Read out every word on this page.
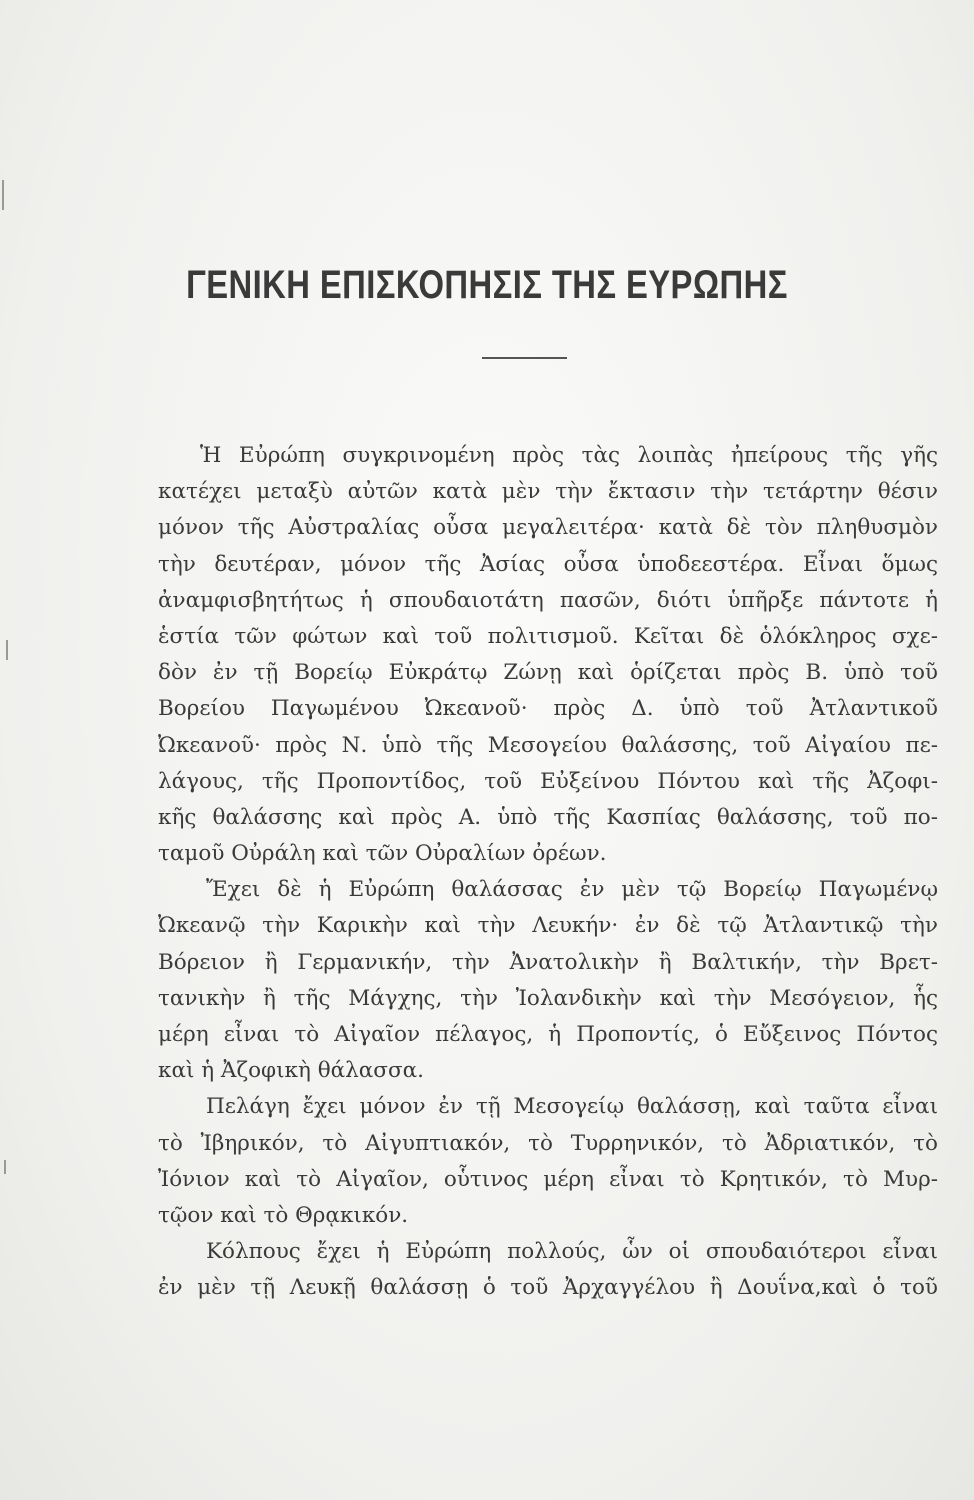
ΓΕΝΙΚΗ ΕΠΙΣΚΟΠΗΣΙΣ ΤΗΣ ΕΥΡΩΠΗΣ
Ἡ Εὐρώπη συγκρινομένη πρὸς τὰς λοιπὰς ἠπείρους τῆς γῆς
κατέχει μεταξὺ αὐτῶν κατὰ μὲν τὴν ἔκτασιν τὴν τετάρτην θέσιν
μόνον τῆς Αὐστραλίας οὖσα μεγαλειτέρα· κατὰ δὲ τὸν πληθυσμὸν
τὴν δευτέραν, μόνον τῆς Ἀσίας οὖσα ὑποδεεστέρα. Εἶναι ὅμως
ἀναμφισβητήτως ἡ σπουδαιοτάτη πασῶν, διότι ὑπῆρξε πάντοτε ἡ
ἑστία τῶν φώτων καὶ τοῦ πολιτισμοῦ. Κεῖται δὲ ὁλόκληρος σχε-
δὸν ἐν τῇ Βορείῳ Εὐκράτῳ Ζώνῃ καὶ ὁρίζεται πρὸς Β. ὑπὸ τοῦ
Βορείου Παγωμένου Ὠκεανοῦ· πρὸς Δ. ὑπὸ τοῦ Ἀτλαντικοῦ
Ὠκεανοῦ· πρὸς Ν. ὑπὸ τῆς Μεσογείου θαλάσσης, τοῦ Αἰγαίου πε-
λάγους, τῆς Προποντίδος, τοῦ Εὐξείνου Πόντου καὶ τῆς Ἀζοφι-
κῆς θαλάσσης καὶ πρὸς Α. ὑπὸ τῆς Κασπίας θαλάσσης, τοῦ πο-
ταμοῦ Οὐράλη καὶ τῶν Οὐραλίων ὀρέων.
Ἔχει δὲ ἡ Εὐρώπη θαλάσσας ἐν μὲν τῷ Βορείῳ Παγωμένῳ
Ὠκεανῷ τὴν Καρικὴν καὶ τὴν Λευκήν· ἐν δὲ τῷ Ἀτλαντικῷ τὴν
Βόρειον ἢ Γερμανικήν, τὴν Ἀνατολικὴν ἢ Βαλτικήν, τὴν Βρετ-
τανικὴν ἢ τῆς Μάγχης, τὴν Ἰολανδικὴν καὶ τὴν Μεσόγειον, ἧς
μέρη εἶναι τὸ Αἰγαῖον πέλαγος, ἡ Προποντίς, ὁ Εὔξεινος Πόντος
καὶ ἡ Ἀζοφικὴ θάλασσα.
Πελάγη ἔχει μόνον ἐν τῇ Μεσογείῳ θαλάσσῃ, καὶ ταῦτα εἶναι
τὸ Ἰβηρικόν, τὸ Αἰγυπτιακόν, τὸ Τυρρηνικόν, τὸ Ἀδριατικόν, τὸ
Ἰόνιον καὶ τὸ Αἰγαῖον, οὗτινος μέρη εἶναι τὸ Κρητικόν, τὸ Μυρ-
τῷον καὶ τὸ Θρᾳκικόν.
Κόλπους ἔχει ἡ Εὐρώπη πολλούς, ὧν οἱ σπουδαιότεροι εἶναι
ἐν μὲν τῇ Λευκῇ θαλάσσῃ ὁ τοῦ Ἀρχαγγέλου ἢ Δουΐνα,καὶ ὁ τοῦ
